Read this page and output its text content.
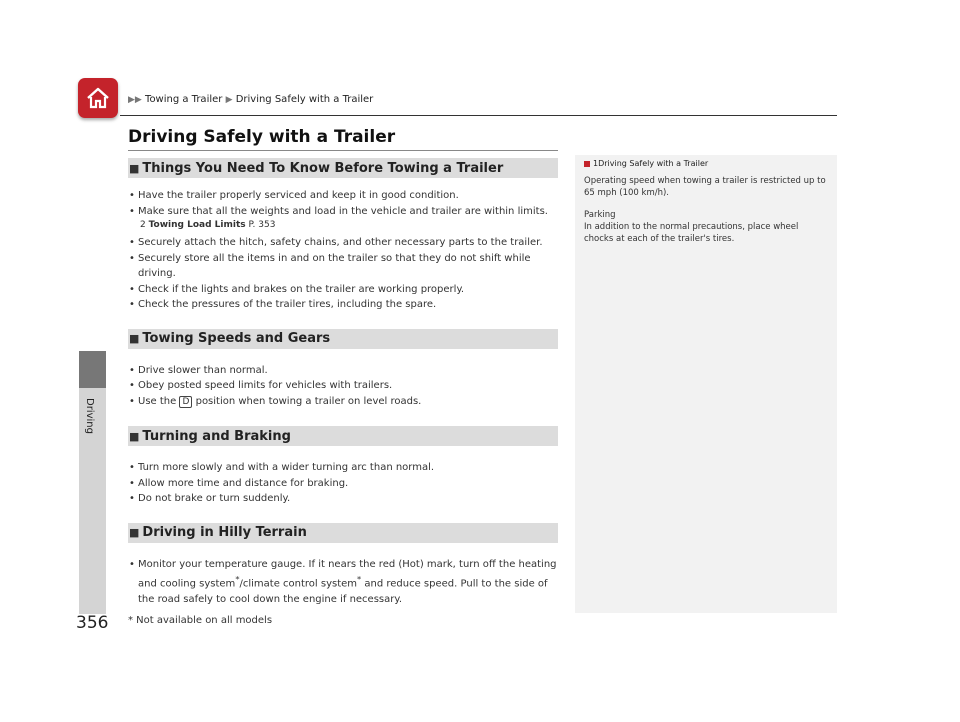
▶▶ Towing a Trailer ▶ Driving Safely with a Trailer
Driving
Driving Safely with a Trailer
■ Things You Need To Know Before Towing a Trailer
• Have the trailer properly serviced and keep it in good condition.
• Make sure that all the weights and load in the vehicle and trailer are within limits.
2 Towing Load Limits P. 353
• Securely attach the hitch, safety chains, and other necessary parts to the trailer.
• Securely store all the items in and on the trailer so that they do not shift while driving.
• Check if the lights and brakes on the trailer are working properly.
• Check the pressures of the trailer tires, including the spare.
■ Towing Speeds and Gears
• Drive slower than normal.
• Obey posted speed limits for vehicles with trailers.
• Use the D position when towing a trailer on level roads.
■ Turning and Braking
• Turn more slowly and with a wider turning arc than normal.
• Allow more time and distance for braking.
• Do not brake or turn suddenly.
■ Driving in Hilly Terrain
• Monitor your temperature gauge. If it nears the red (Hot) mark, turn off the heating and cooling system*/climate control system* and reduce speed. Pull to the side of the road safely to cool down the engine if necessary.
1 Driving Safely with a Trailer

Operating speed when towing a trailer is restricted up to 65 mph (100 km/h).

Parking
In addition to the normal precautions, place wheel chocks at each of the trailer's tires.

356 * Not available on all models
